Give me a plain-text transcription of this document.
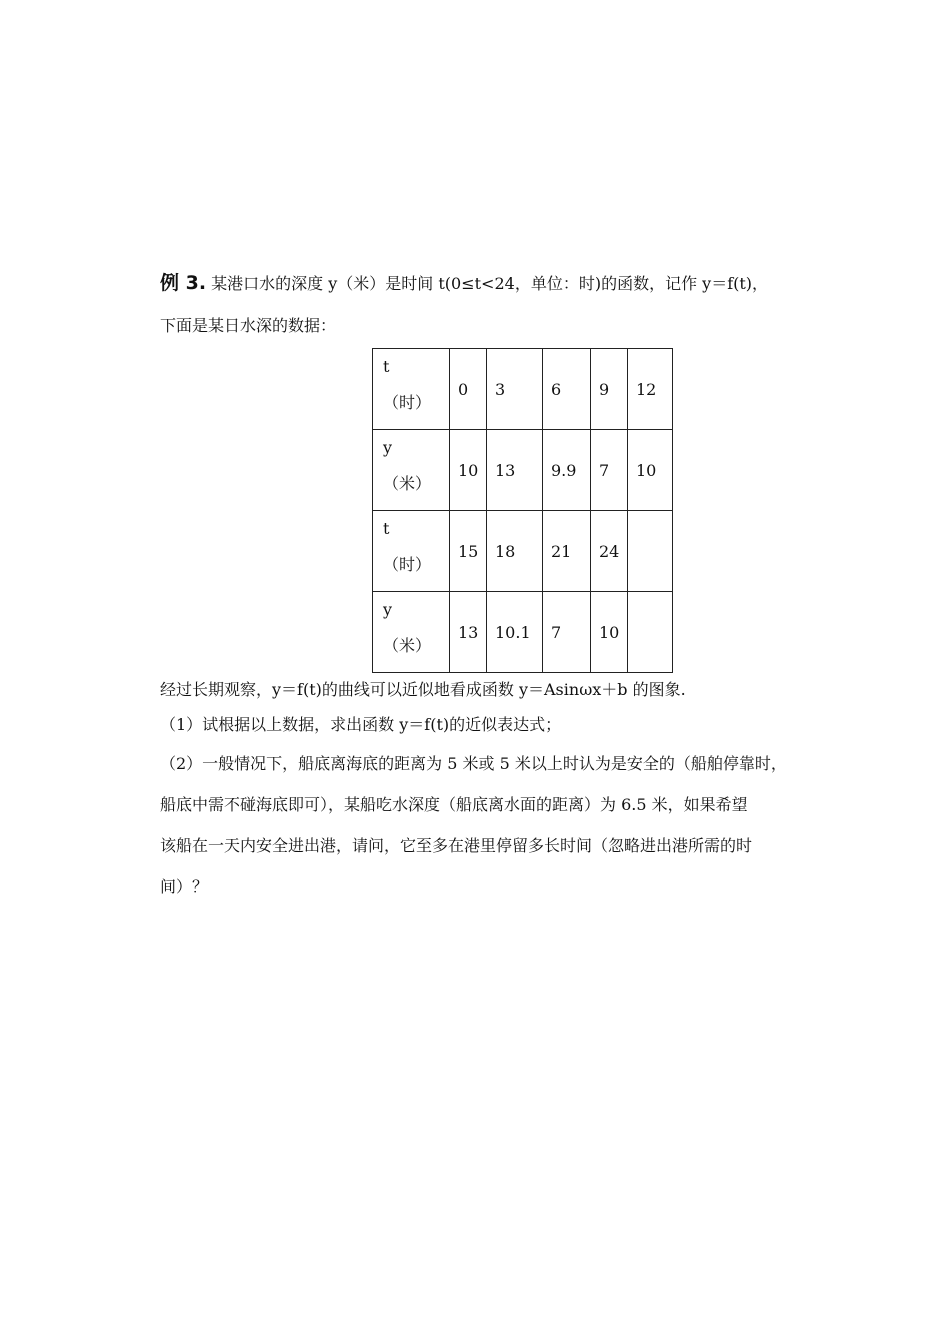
例 3. 某港口水的深度 y（米）是时间 t(0≤t<24，单位：时)的函数，记作 y＝f(t)，
下面是某日水深的数据：
t
（时）	0	3	6	9	12

y
（米）	10	13	9.9	7	10

t
（时）	15	18	21	24	

y
（米）	13	10.1	7	10	
经过长期观察，y＝f(t)的曲线可以近似地看成函数 y＝Asinωx＋b 的图象.
（1）试根据以上数据，求出函数 y＝f(t)的近似表达式；
（2）一般情况下，船底离海底的距离为 5 米或 5 米以上时认为是安全的（船舶停靠时，
船底中需不碰海底即可），某船吃水深度（船底离水面的距离）为 6.5 米，如果希望
该船在一天内安全进出港，请问，它至多在港里停留多长时间（忽略进出港所需的时
间）？
